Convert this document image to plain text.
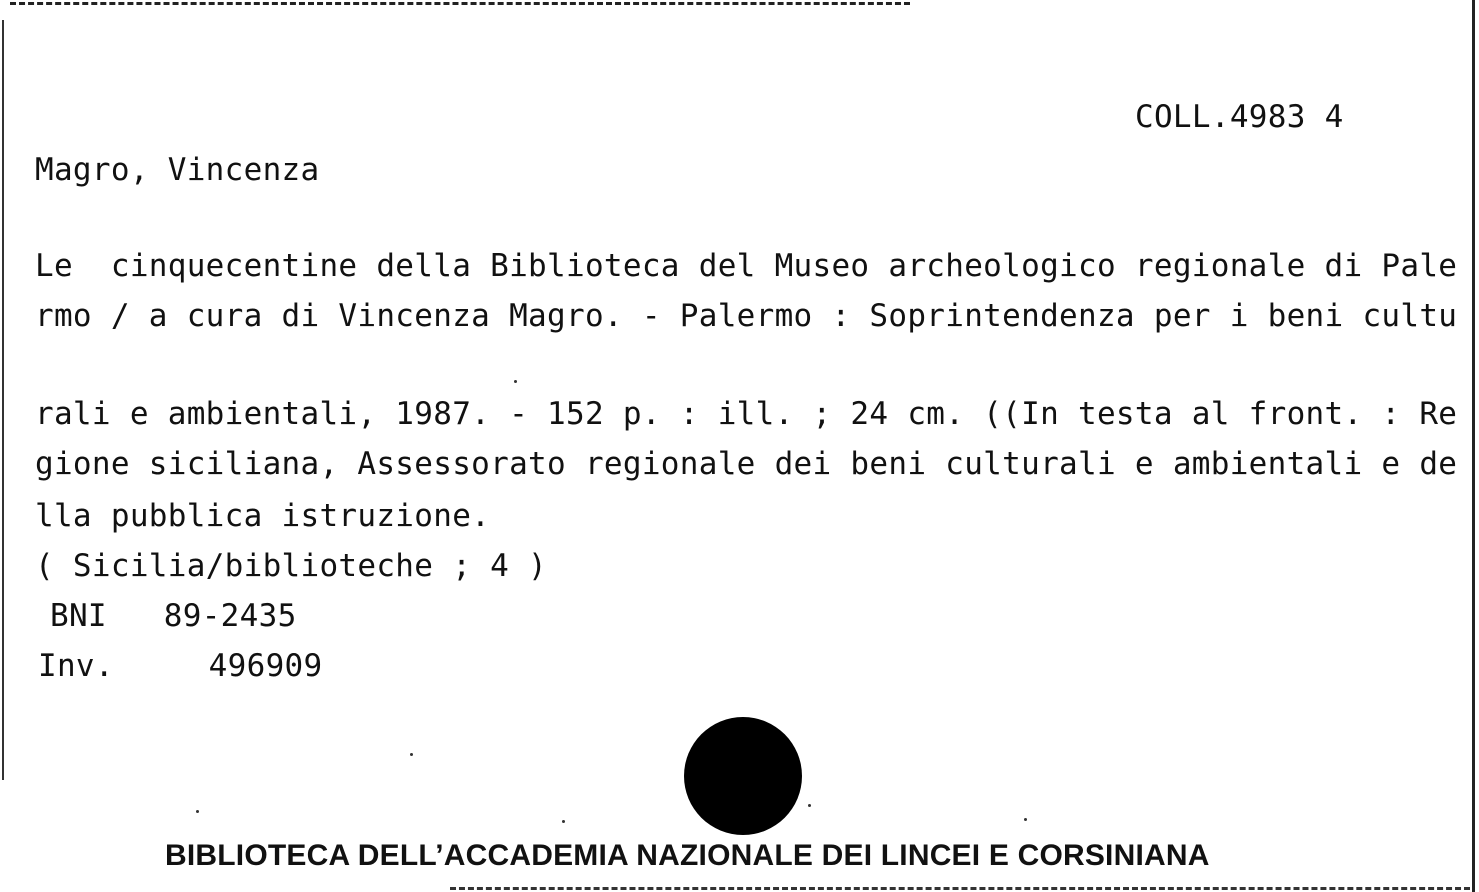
COLL.4983 4
Magro, Vincenza
Le  cinquecentine della Biblioteca del Museo archeologico regionale di Pale
rmo / a cura di Vincenza Magro. - Palermo : Soprintendenza per i beni cultu
rali e ambientali, 1987. - 152 p. : ill. ; 24 cm. ((In testa al front. : Re
gione siciliana, Assessorato regionale dei beni culturali e ambientali e de
lla pubblica istruzione.
( Sicilia/biblioteche ; 4 )
BNI   89-2435
Inv.     496909
BIBLIOTECA DELL’ACCADEMIA NAZIONALE DEI LINCEI E CORSINIANA
